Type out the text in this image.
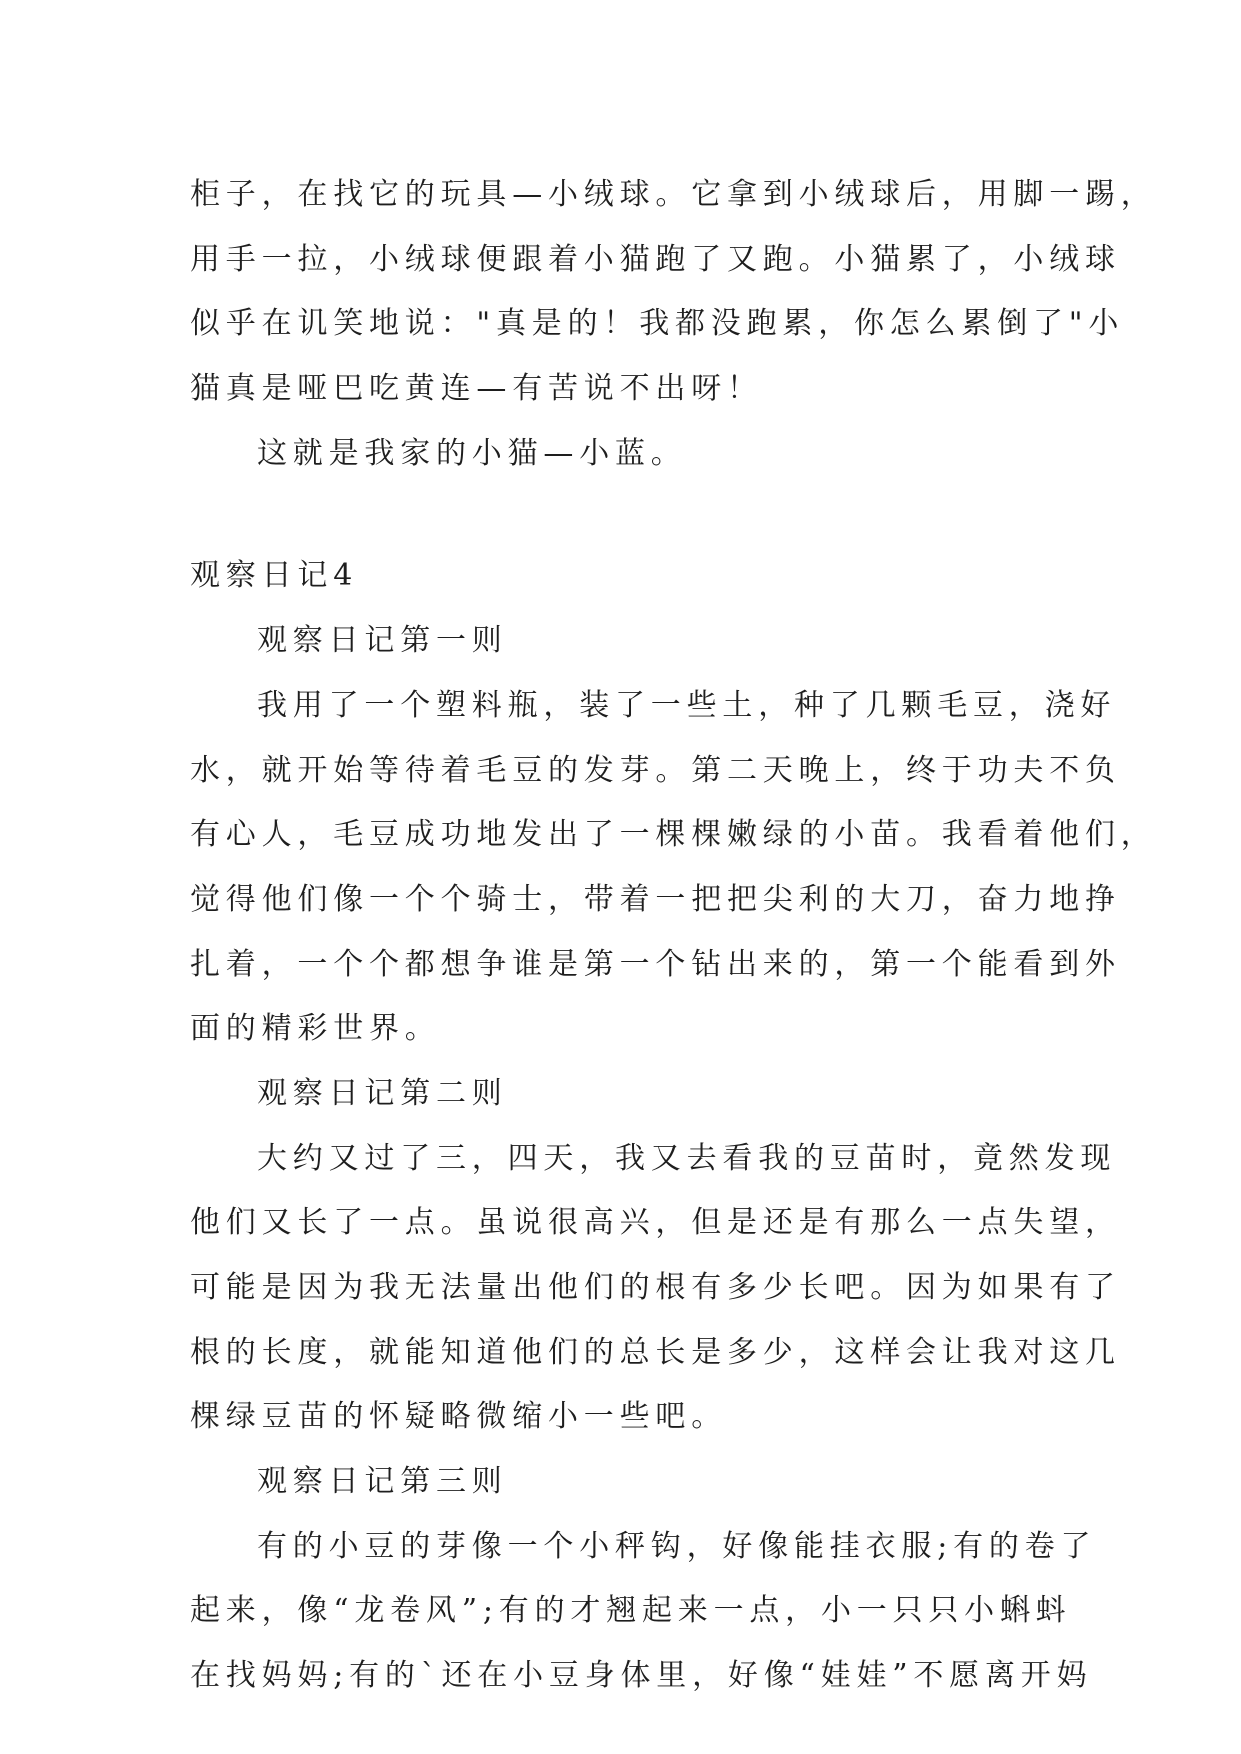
柜子，在找它的玩具—小绒球。它拿到小绒球后，用脚一踢，
用手一拉，小绒球便跟着小猫跑了又跑。小猫累了，小绒球
似乎在讥笑地说："真是的！我都没跑累，你怎么累倒了"小
猫真是哑巴吃黄连—有苦说不出呀！
这就是我家的小猫—小蓝。
观察日记4
观察日记第一则
我用了一个塑料瓶，装了一些土，种了几颗毛豆，浇好
水，就开始等待着毛豆的发芽。第二天晚上，终于功夫不负
有心人，毛豆成功地发出了一棵棵嫩绿的小苗。我看着他们，
觉得他们像一个个骑士，带着一把把尖利的大刀，奋力地挣
扎着，一个个都想争谁是第一个钻出来的，第一个能看到外
面的精彩世界。
观察日记第二则
大约又过了三，四天，我又去看我的豆苗时，竟然发现
他们又长了一点。虽说很高兴，但是还是有那么一点失望，
可能是因为我无法量出他们的根有多少长吧。因为如果有了
根的长度，就能知道他们的总长是多少，这样会让我对这几
棵绿豆苗的怀疑略微缩小一些吧。
观察日记第三则
有的小豆的芽像一个小秤钩，好像能挂衣服;有的卷了
起来，像“龙卷风”;有的才翘起来一点，小一只只小蝌蚪
在找妈妈;有的`还在小豆身体里，好像“娃娃”不愿离开妈
